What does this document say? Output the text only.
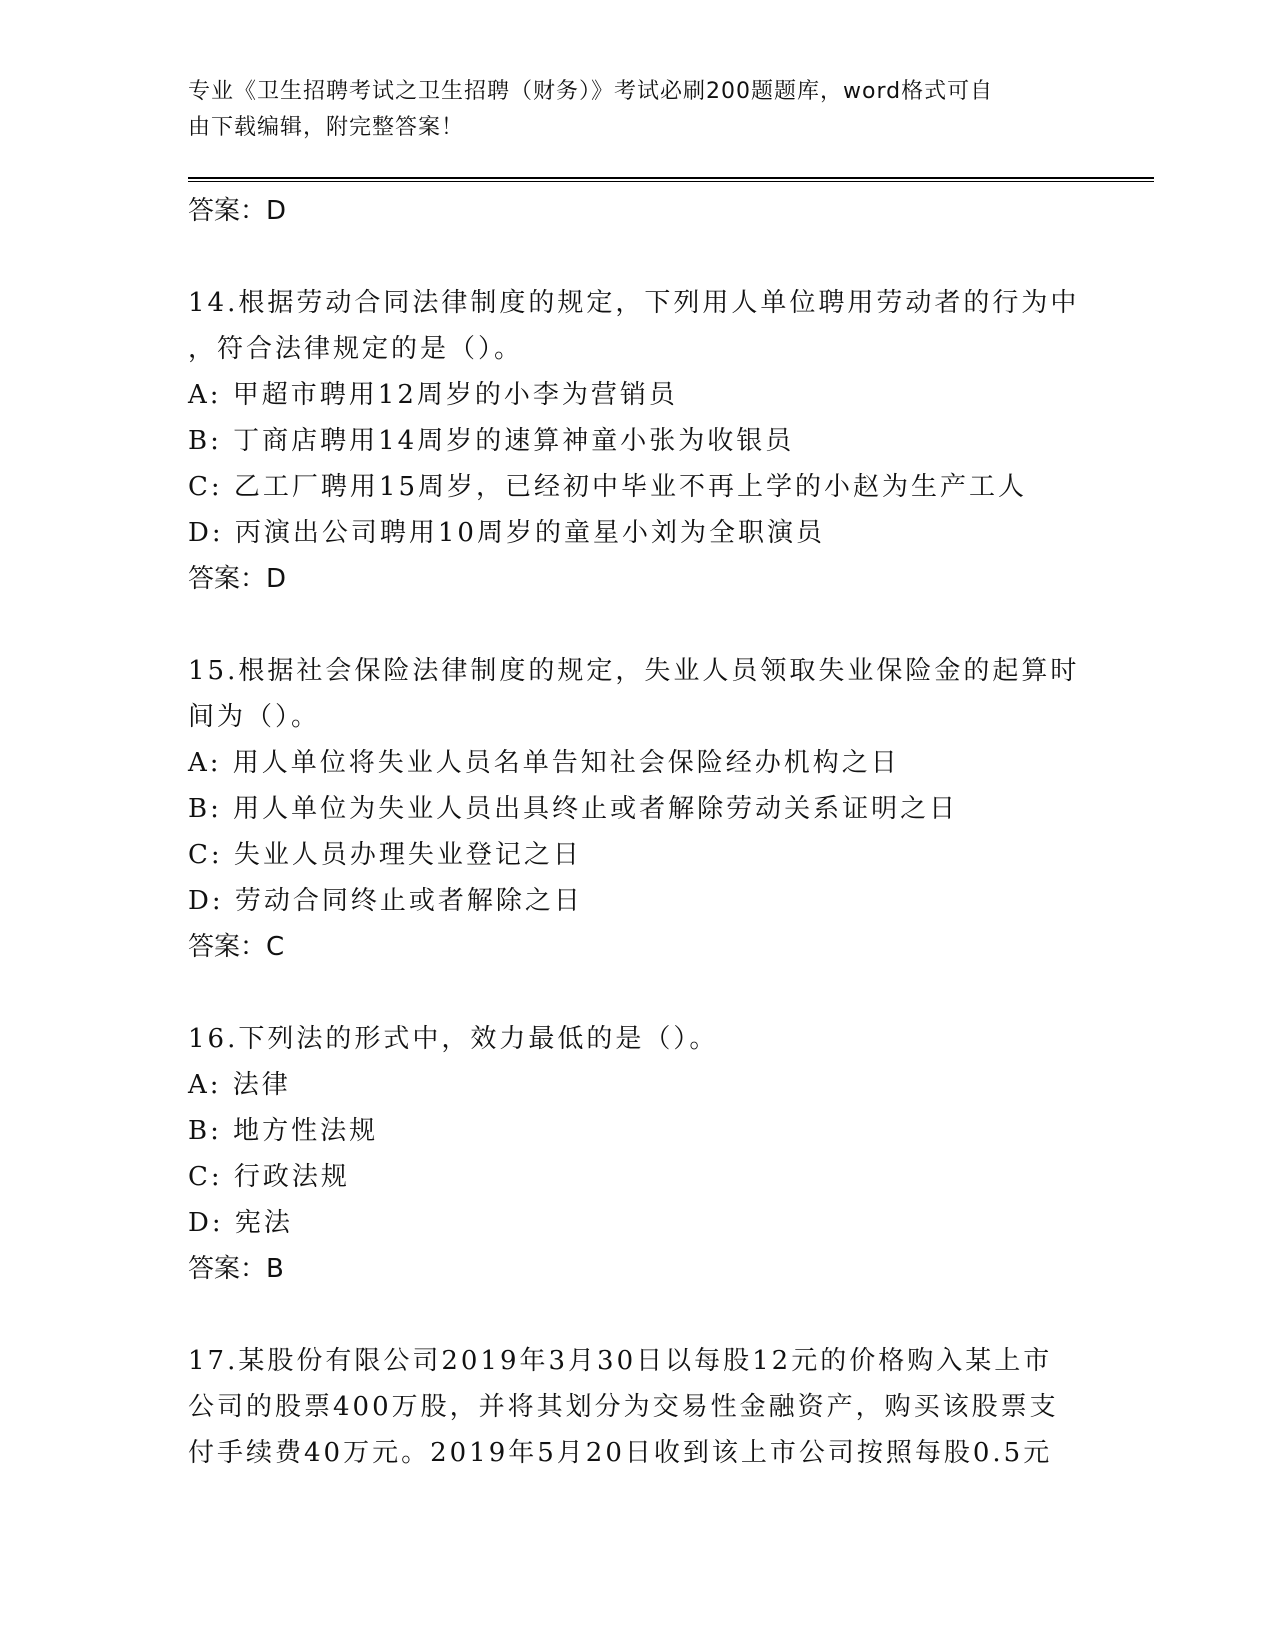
专业《卫生招聘考试之卫生招聘（财务）》考试必刷200题题库，word格式可自
由下载编辑，附完整答案！
答案：D
14.根据劳动合同法律制度的规定，下列用人单位聘用劳动者的行为中
，符合法律规定的是（）。
A: 甲超市聘用12周岁的小李为营销员
B: 丁商店聘用14周岁的速算神童小张为收银员
C: 乙工厂聘用15周岁，已经初中毕业不再上学的小赵为生产工人
D: 丙演出公司聘用10周岁的童星小刘为全职演员
答案：D
15.根据社会保险法律制度的规定，失业人员领取失业保险金的起算时
间为（）。
A: 用人单位将失业人员名单告知社会保险经办机构之日
B: 用人单位为失业人员出具终止或者解除劳动关系证明之日
C: 失业人员办理失业登记之日
D: 劳动合同终止或者解除之日
答案：C
16.下列法的形式中，效力最低的是（）。
A: 法律
B: 地方性法规
C: 行政法规
D: 宪法
答案：B
17.某股份有限公司2019年3月30日以每股12元的价格购入某上市
公司的股票400万股，并将其划分为交易性金融资产，购买该股票支
付手续费40万元。2019年5月20日收到该上市公司按照每股0.5元
